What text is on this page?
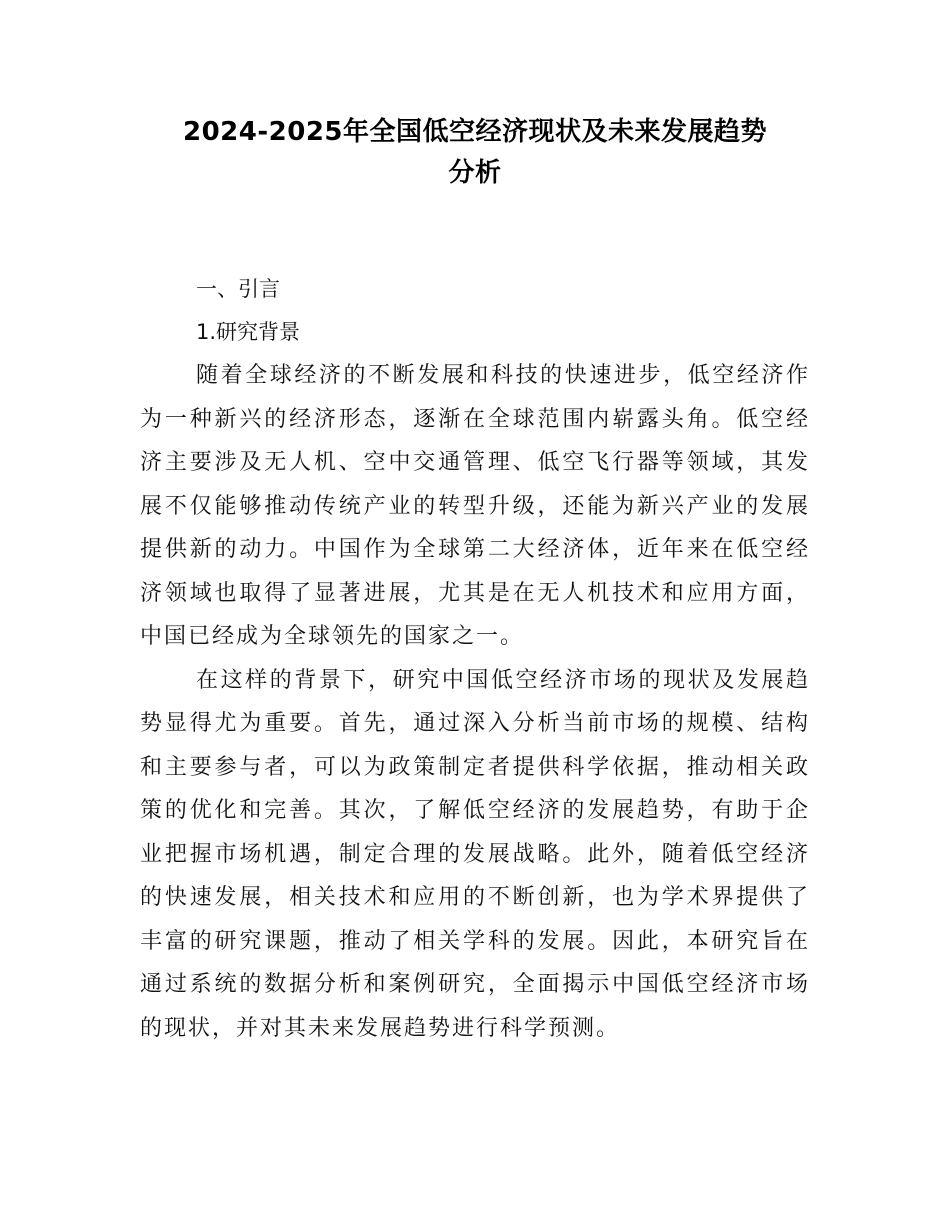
2024-2025年全国低空经济现状及未来发展趋势
分析
一、引言
1.研究背景

随着全球经济的不断发展和科技的快速进步，低空经济作为一种新兴的经济形态，逐渐在全球范围内崭露头角。低空经济主要涉及无人机、空中交通管理、低空飞行器等领域，其发展不仅能够推动传统产业的转型升级，还能为新兴产业的发展提供新的动力。中国作为全球第二大经济体，近年来在低空经济领域也取得了显著进展，尤其是在无人机技术和应用方面，中国已经成为全球领先的国家之一。

在这样的背景下，研究中国低空经济市场的现状及发展趋势显得尤为重要。首先，通过深入分析当前市场的规模、结构和主要参与者，可以为政策制定者提供科学依据，推动相关政策的优化和完善。其次，了解低空经济的发展趋势，有助于企业把握市场机遇，制定合理的发展战略。此外，随着低空经济的快速发展，相关技术和应用的不断创新，也为学术界提供了丰富的研究课题，推动了相关学科的发展。因此，本研究旨在通过系统的数据分析和案例研究，全面揭示中国低空经济市场的现状，并对其未来发展趋势进行科学预测。
